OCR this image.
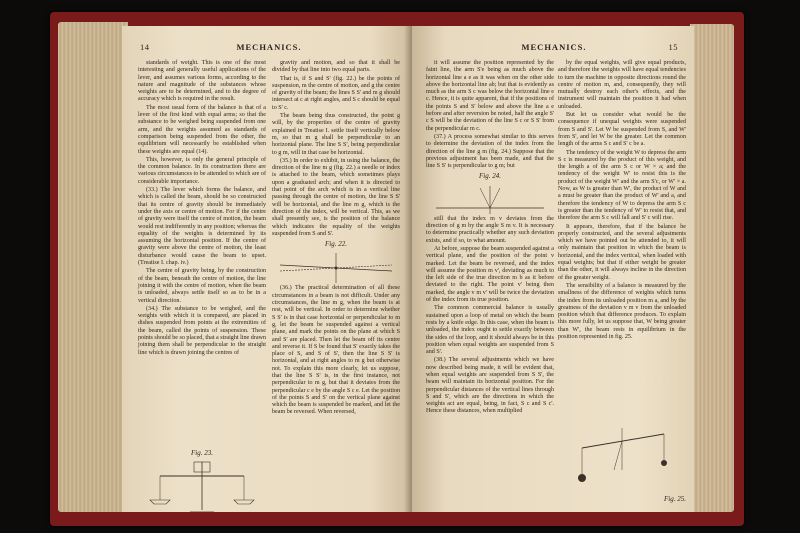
14	MECHANICS.

standards of weight. This is one of the most interesting and generally useful applications of the lever, and assumes various forms, according to the nature and magnitude of the substances whose weights are to be determined, and to the degree of accuracy which is required in the result.

The most usual form of the balance is that of a lever of the first kind with equal arms; so that the substance to be weighed being suspended from one arm, and the weights assumed as standards of comparison being suspended from the other, the equilibrium will necessarily be established when these weights are equal (14).

This, however, is only the general principle of the common balance. In its construction there are various circumstances to be attended to which are of considerable importance.

(33.) The lever which forms the balance, and which is called the beam, should be so constructed that its centre of gravity should be immediately under the axis or centre of motion. For if the centre of gravity were itself the centre of motion, the beam would rest indifferently in any position; whereas the equality of the weights is determined by its assuming the horizontal position. If the centre of gravity were above the centre of motion, the least disturbance would cause the beam to upset. (Treatise I. chap. iv.)

The centre of gravity being, by the construction of the beam, beneath the centre of motion, the line joining it with the centre of motion, when the beam is unloaded, always settle itself so as to be in a vertical direction.

(34.) The substance to be weighed, and the weights with which it is compared, are placed in dishes suspended from points at the extremities of the beam, called the points of suspension. These points should be so placed, that a straight line drawn joining them shall be perpendicular to the straight line which is drawn joining the centres of

gravity and motion, and so that it shall be divided by that line into two equal parts.

That is, if S and S' (fig. 22.) be the points of suspension, m the centre of motion, and g the centre of gravity of the beam; the lines S S' and m g should intersect at c at right angles, and S c should be equal to S' c.

The beam being thus constructed, the point g will, by the properties of the centre of gravity explained in Treatise I. settle itself vertically below m, so that m g shall be perpendicular to an horizontal plane. The line S S', being perpendicular to g m, will in that case be horizontal.

(35.) In order to exhibit, in using the balance, the direction of the line m g (fig. 22.) a needle or index is attached to the beam, which sometimes plays upon a graduated arch; and when it is directed to that point of the arch which is in a vertical line passing through the centre of motion, the line S S' will be horizontal, and the line m g, which is the direction of the index, will be vertical. This, as we shall presently see, is the position of the balance which indicates the equality of the weights suspended from S and S'.

Fig. 22.

(36.) The practical determination of all these circumstances in a beam is not difficult. Under any circumstances, the line m g, when the beam is at rest, will be vertical. In order to determine whether S S' is in that case horizontal or perpendicular to m g, let the beam be suspended against a vertical plane, and mark the points on the plane at which S and S' are placed. Then let the beam off its centre and reverse it. If S be found that S' exactly takes the place of S, and S of S', then the line S S' is horizontal, and at right angles to m g but otherwise not. To explain this more clearly, let us suppose, that the line S S' is, in the first instance, not perpendicular to m g, but that it deviates from the perpendicular c e by the angle S c e. Let the position of the points S and S' on the vertical plane against which the beam is suspended be marked, and let the beam be reversed. When reversed,

Fig. 23.
MECHANICS.	15

it will assume the position represented by the faint line, the arm S'e being as much above the horizontal line a e as it was when on the other side above the horizontal line ab; but that is evidently as much as the arm S c was below the horizontal line e c. Hence, it is quite apparent, that if the positions of the points S and S' below and above the line a e before and after reversion be noted, half the angle S' c S will be the deviation of the line S c or S S' from the perpendicular m c.

(37.) A process somewhat similar to this serves to determine the deviation of the index from the direction of the line g m (fig. 24.) Suppose that the previous adjustment has been made, and that the line S S' is perpendicular to g m; but

Fig. 24.

still that the index m v deviates from the direction of g m by the angle S m v. It is necessary to determine practically whether any such deviation exists, and if so, to what amount.

At before, suppose the beam suspended against a vertical plane, and the position of the point v marked. Let the beam be reversed, and the index will assume the position m v', deviating as much to the left side of the true direction m b as it before deviated to the right. The point v' being then marked, the angle v m v' will be twice the deviation of the index from its true position.

The common commercial balance is usually sustained upon a loop of metal on which the beam rests by a knife edge. In this case, when the beam is unloaded, the index ought to settle exactly between the sides of the loop, and it should always be in this position when equal weights are suspended from S and S'.

(38.) The several adjustments which we have now described being made, it will be evident that, when equal weights are suspended from S S', the beam will maintain its horizontal position. For the perpendicular distances of the vertical lines through S and S', which are the directions in which the weights act are equal, being, in fact, S c and S c'. Hence these distances, when multiplied

by the equal weights, will give equal products, and therefore the weights will have equal tendencies to turn the machine in opposite directions round the centre of motion m, and, consequently, they will mutually destroy each other's effects, and the instrument will maintain the position it had when unloaded.

But let us consider what would be the consequence if unequal weights were suspended from S and S'. Let W be suspended from S, and W' from S', and let W be the greater. Let the common length of the arms S c and S' c be a.

The tendency of the weight W to depress the arm S c is measured by the product of this weight, and the length a of the arm S c or W × a; and the tendency of the weight W' to resist this is the product of the weight W' and the arm S'c, or W' × a. Now, as W is greater than W', the product of W and a must be greater than the product of W' and a, and therefore the tendency of W to depress the arm S c is greater than the tendency of W' to resist that, and therefore the arm S c will fall and S' c will rise.

It appears, therefore, that if the balance be properly constructed, and the several adjustments which we have pointed out be attended to, it will only maintain that position in which the beam is horizontal, and the index vertical, when loaded with equal weights; but that if either weight be greater than the other, it will always incline in the direction of the greater weight.

The sensibility of a balance is measured by the smallness of the difference of weights which turns the index from its unloaded position m a, and by the greatness of the deviation v m v from the unloaded position which that difference produces. To explain this more fully, let us suppose that, W being greater than W', the beam rests in equilibrium in the position represented in fig. 25.

Fig. 25.
